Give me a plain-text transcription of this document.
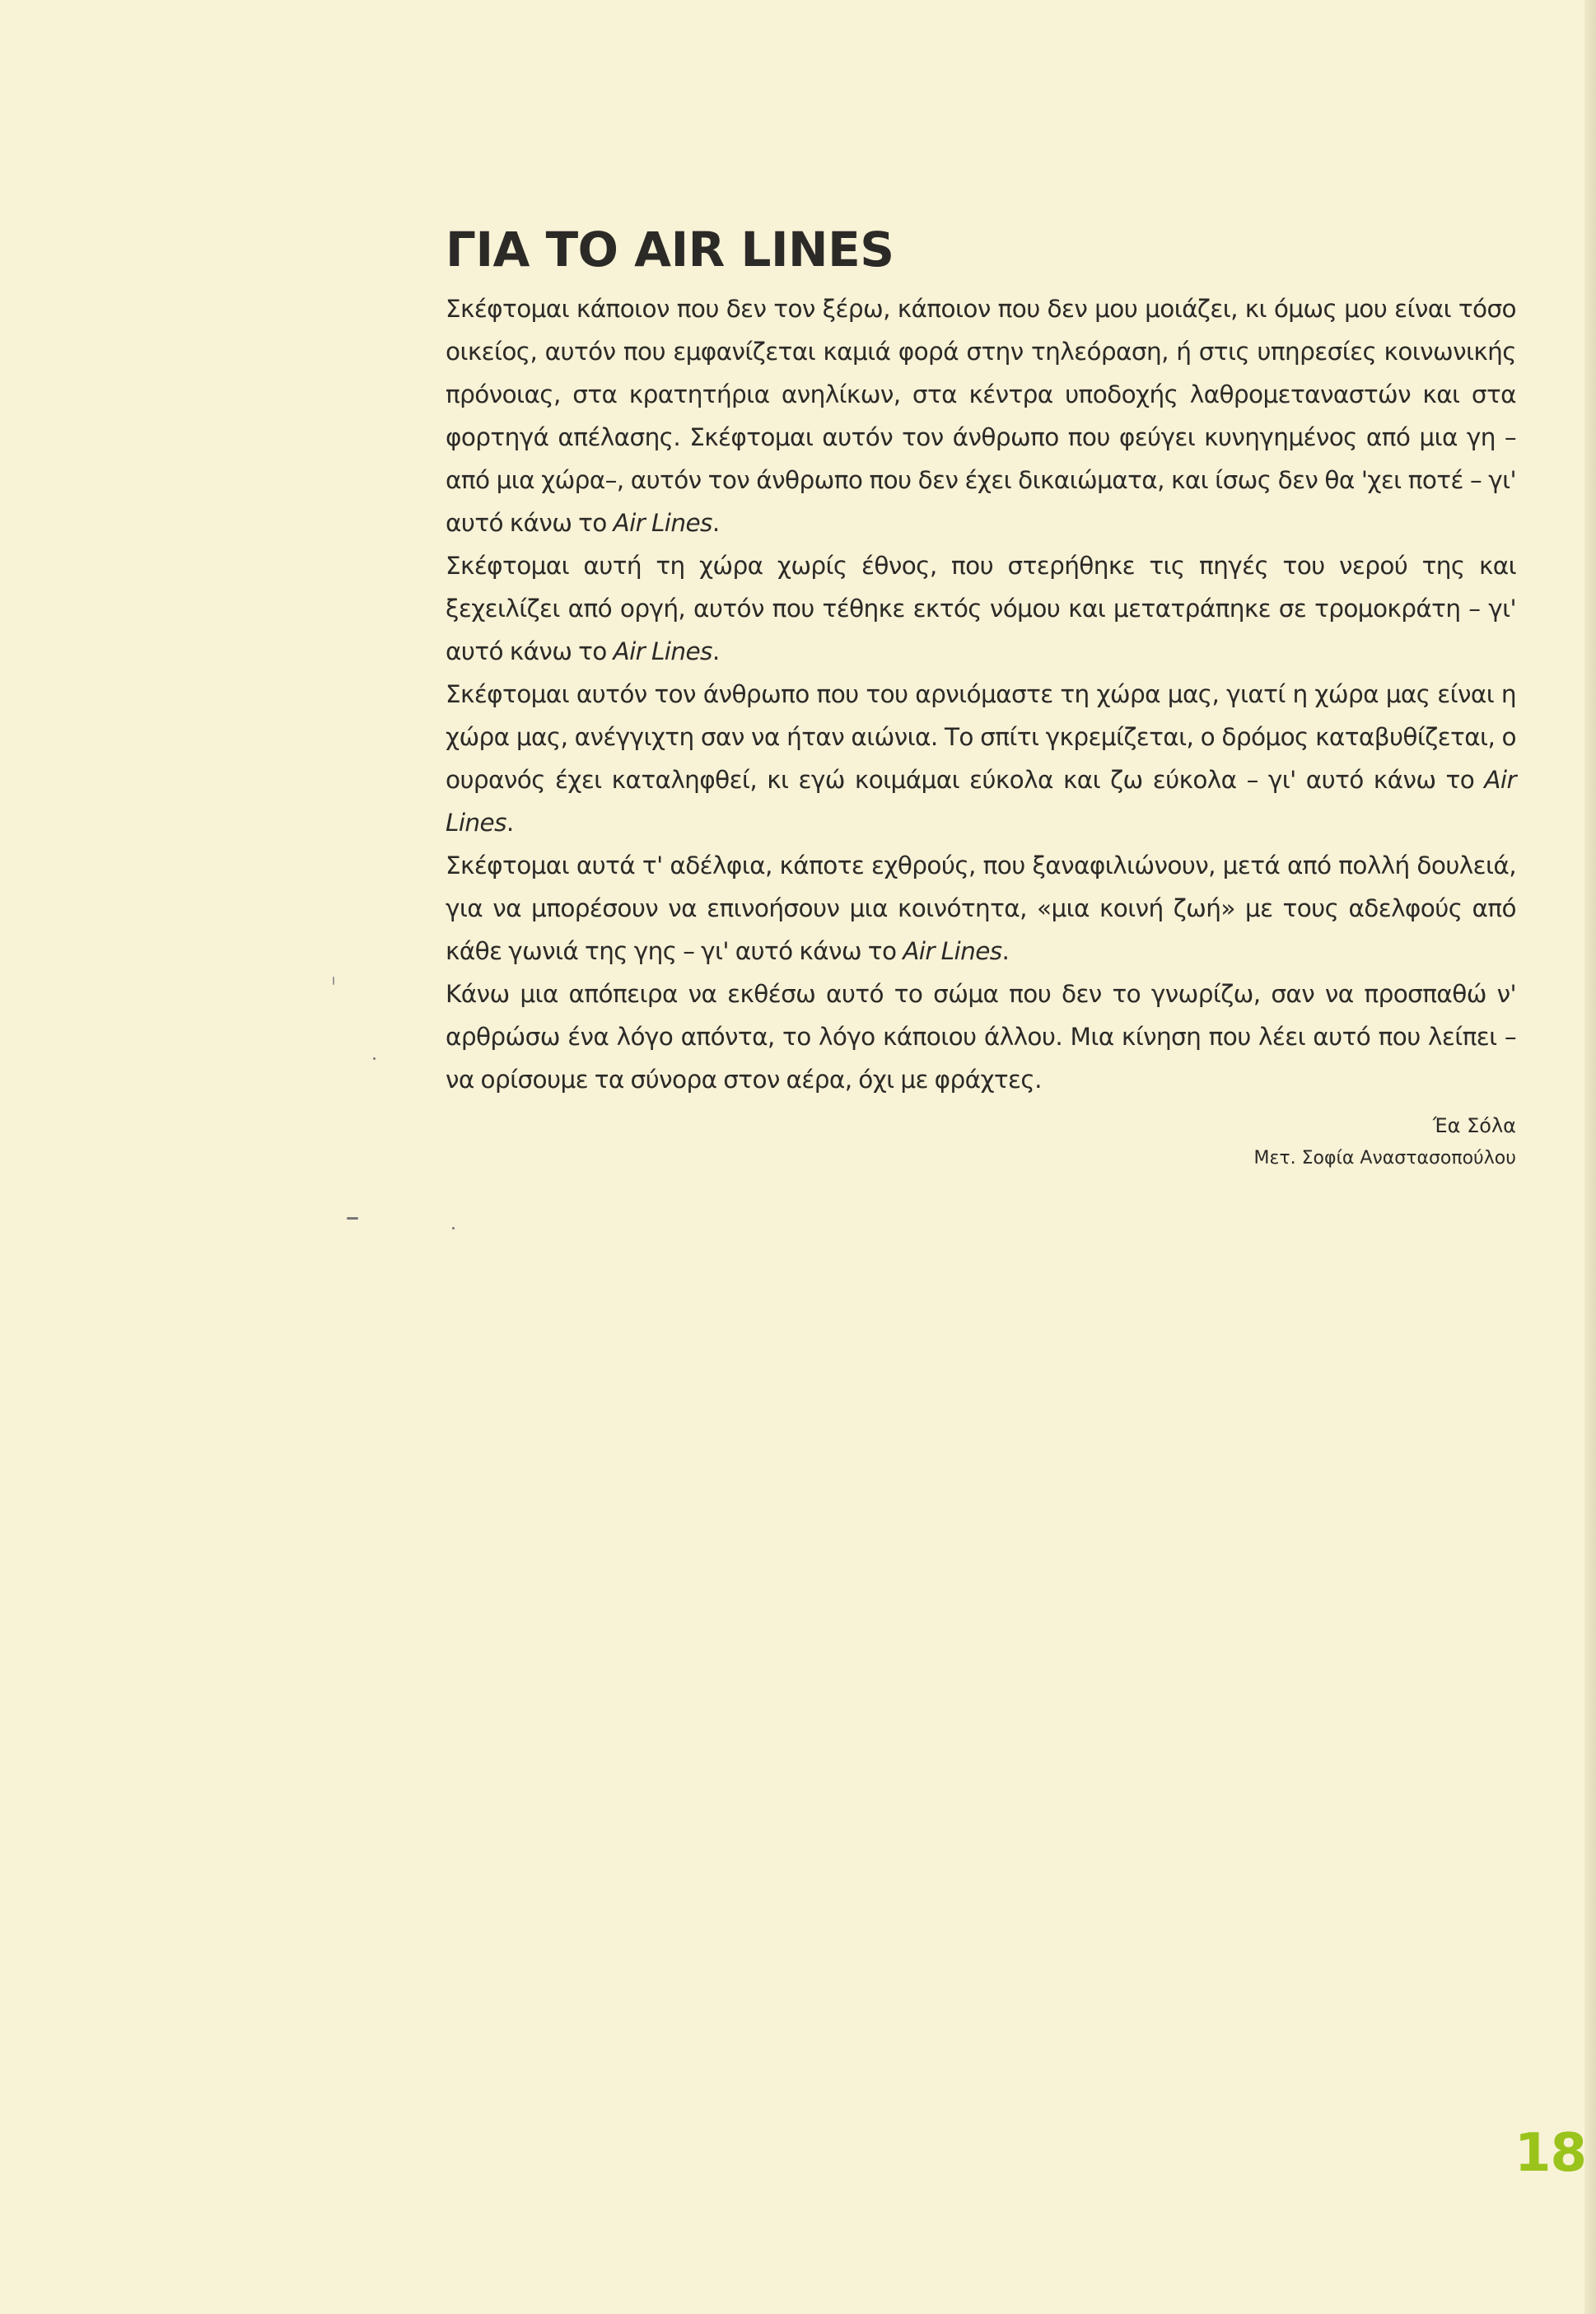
ΓΙΑ ΤΟ AIR LINES

Σκέφτομαι κάποιον που δεν τον ξέρω, κάποιον που δεν μου μοιάζει, κι όμως μου είναι τόσο οικείος, αυτόν που εμφανίζεται καμιά φορά στην τηλεόραση, ή στις υπηρεσίες κοινωνικής πρόνοιας, στα κρατητήρια ανηλίκων, στα κέντρα υποδοχής λαθρομεταναστών και στα φορτηγά απέλασης. Σκέφτομαι αυτόν τον άνθρωπο που φεύγει κυνηγημένος από μια γη –από μια χώρα–, αυτόν τον άνθρωπο που δεν έχει δικαιώματα, και ίσως δεν θα 'χει ποτέ – γι' αυτό κάνω το Air Lines.

Σκέφτομαι αυτή τη χώρα χωρίς έθνος, που στερήθηκε τις πηγές του νερού της και ξεχειλίζει από οργή, αυτόν που τέθηκε εκτός νόμου και μετατράπηκε σε τρομοκράτη – γι' αυτό κάνω το Air Lines.

Σκέφτομαι αυτόν τον άνθρωπο που του αρνιόμαστε τη χώρα μας, γιατί η χώρα μας είναι η χώρα μας, ανέγγιχτη σαν να ήταν αιώνια. Το σπίτι γκρεμίζεται, ο δρόμος καταβυθίζεται, ο ουρανός έχει καταληφθεί, κι εγώ κοιμάμαι εύκολα και ζω εύκολα – γι' αυτό κάνω το Air Lines.

Σκέφτομαι αυτά τ' αδέλφια, κάποτε εχθρούς, που ξαναφιλιώνουν, μετά από πολλή δουλειά, για να μπορέσουν να επινοήσουν μια κοινότητα, «μια κοινή ζωή» με τους αδελφούς από κάθε γωνιά της γης – γι' αυτό κάνω το Air Lines.

Κάνω μια απόπειρα να εκθέσω αυτό το σώμα που δεν το γνωρίζω, σαν να προσπαθώ ν' αρθρώσω ένα λόγο απόντα, το λόγο κάποιου άλλου. Μια κίνηση που λέει αυτό που λείπει – να ορίσουμε τα σύνορα στον αέρα, όχι με φράχτες.

Έα Σόλα
Μετ. Σοφία Αναστασοπούλου
18
